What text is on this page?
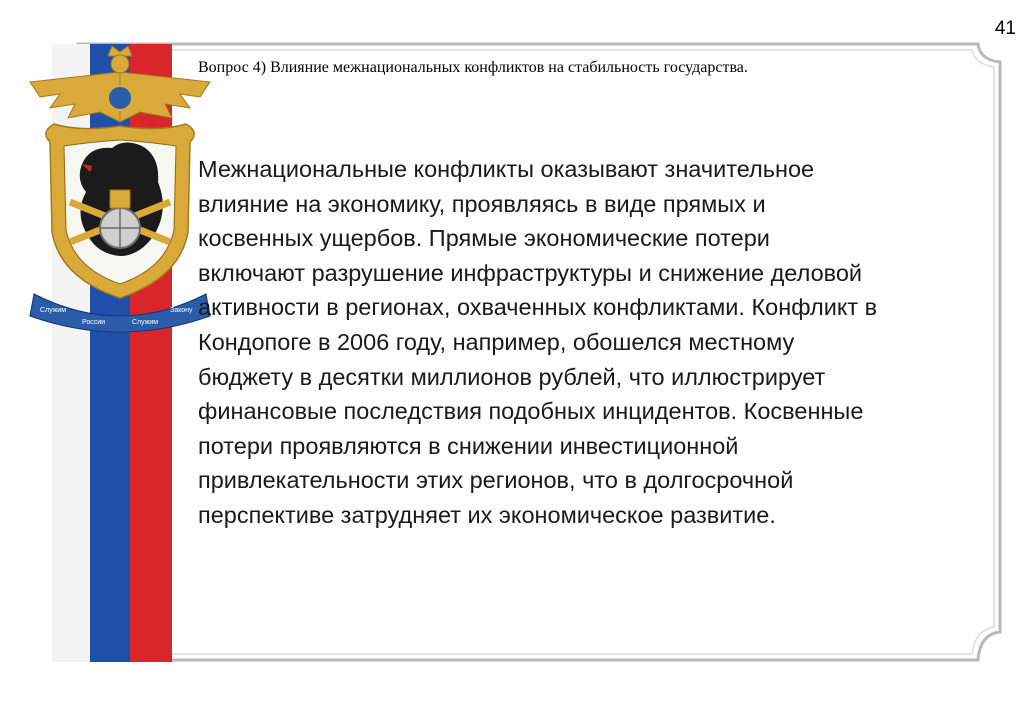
Служим
России	Служим
Закону
41
Вопрос 4) Влияние межнациональных конфликтов на стабильность государства.
Межнациональные конфликты оказывают значительное
влияние на экономику, проявляясь в виде прямых и
косвенных ущербов. Прямые экономические потери
включают разрушение инфраструктуры и снижение деловой
активности в регионах, охваченных конфликтами. Конфликт в
Кондопоге в 2006 году, например, обошелся местному
бюджету в десятки миллионов рублей, что иллюстрирует
финансовые последствия подобных инцидентов. Косвенные
потери проявляются в снижении инвестиционной
привлекательности этих регионов, что в долгосрочной
перспективе затрудняет их экономическое развитие.
